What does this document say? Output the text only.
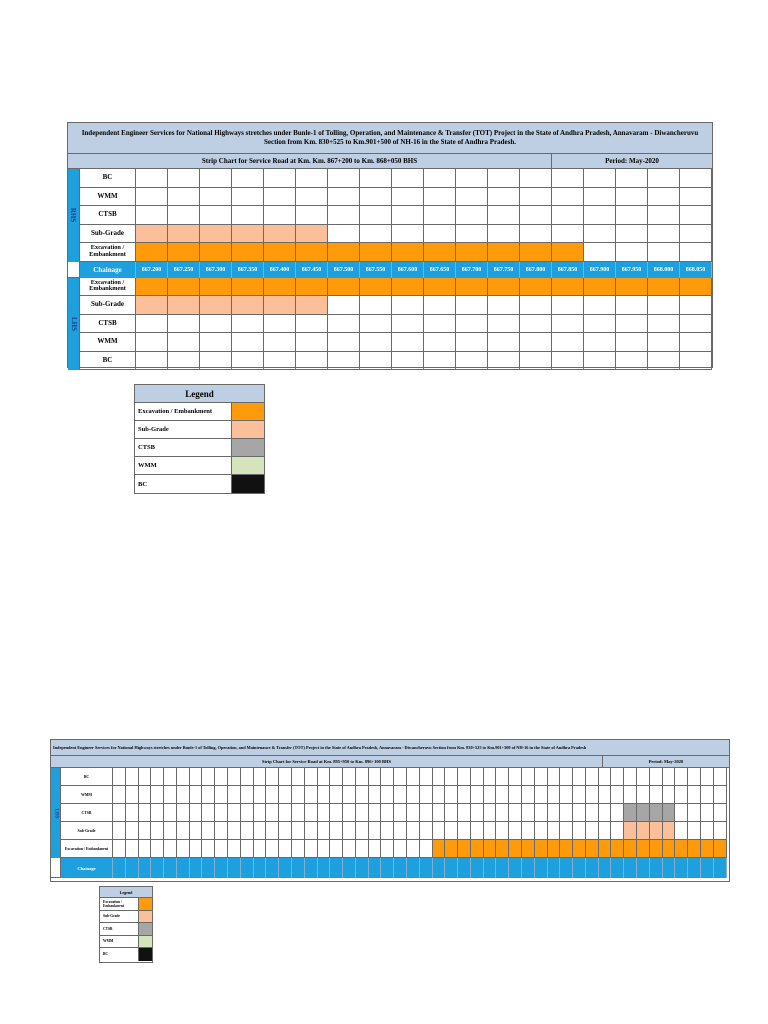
Independent Engineer Services for National Highways stretches under Bunle-1 of Tolling, Operation, and Maintenance & Transfer (TOT) Project in the State of Andhra Pradesh, Annavaram - Diwancheruvu Section from Km. 830+525 to Km.901+500 of NH-16 in the State of Andhra Pradesh.
Strip Chart for Service Road at Km. Km. 867+200 to Km. 868+050 BHS	Period: May-2020
RHS
BC
WMM
CTSB
Sub-Grade
Excavation / Embankment
Chainage	867.200	867.250	867.300	867.350	867.400	867.450	867.500	867.550	867.600	867.650	867.700	867.750	867.800	867.850	867.900	867.950	868.000	868.050
LHS
Excavation / Embankment
Sub-Grade
CTSB
WMM
BC
Legend
Excavation / Embankment
Sub-Grade
CTSB
WMM
BC
Independent Engineer Services for National Highways stretches under Bunle-1 of Tolling, Operation, and Maintenance & Transfer (TOT) Project in the State of Andhra Pradesh, Annavaram - Diwancheruvu Section from Km. 830+525 to Km.901+500 of NH-16 in the State of Andhra Pradesh
Strip Chart for Service Road at Km. 895+950 to Km. 896+100 BHS	Period: May-2020
LHS
BC
WMM
CTSB
Sub-Grade
Excavation / Embankment
Chainage
Legend
Excavation / Embankment
Sub-Grade
CTSB
WMM
BC
